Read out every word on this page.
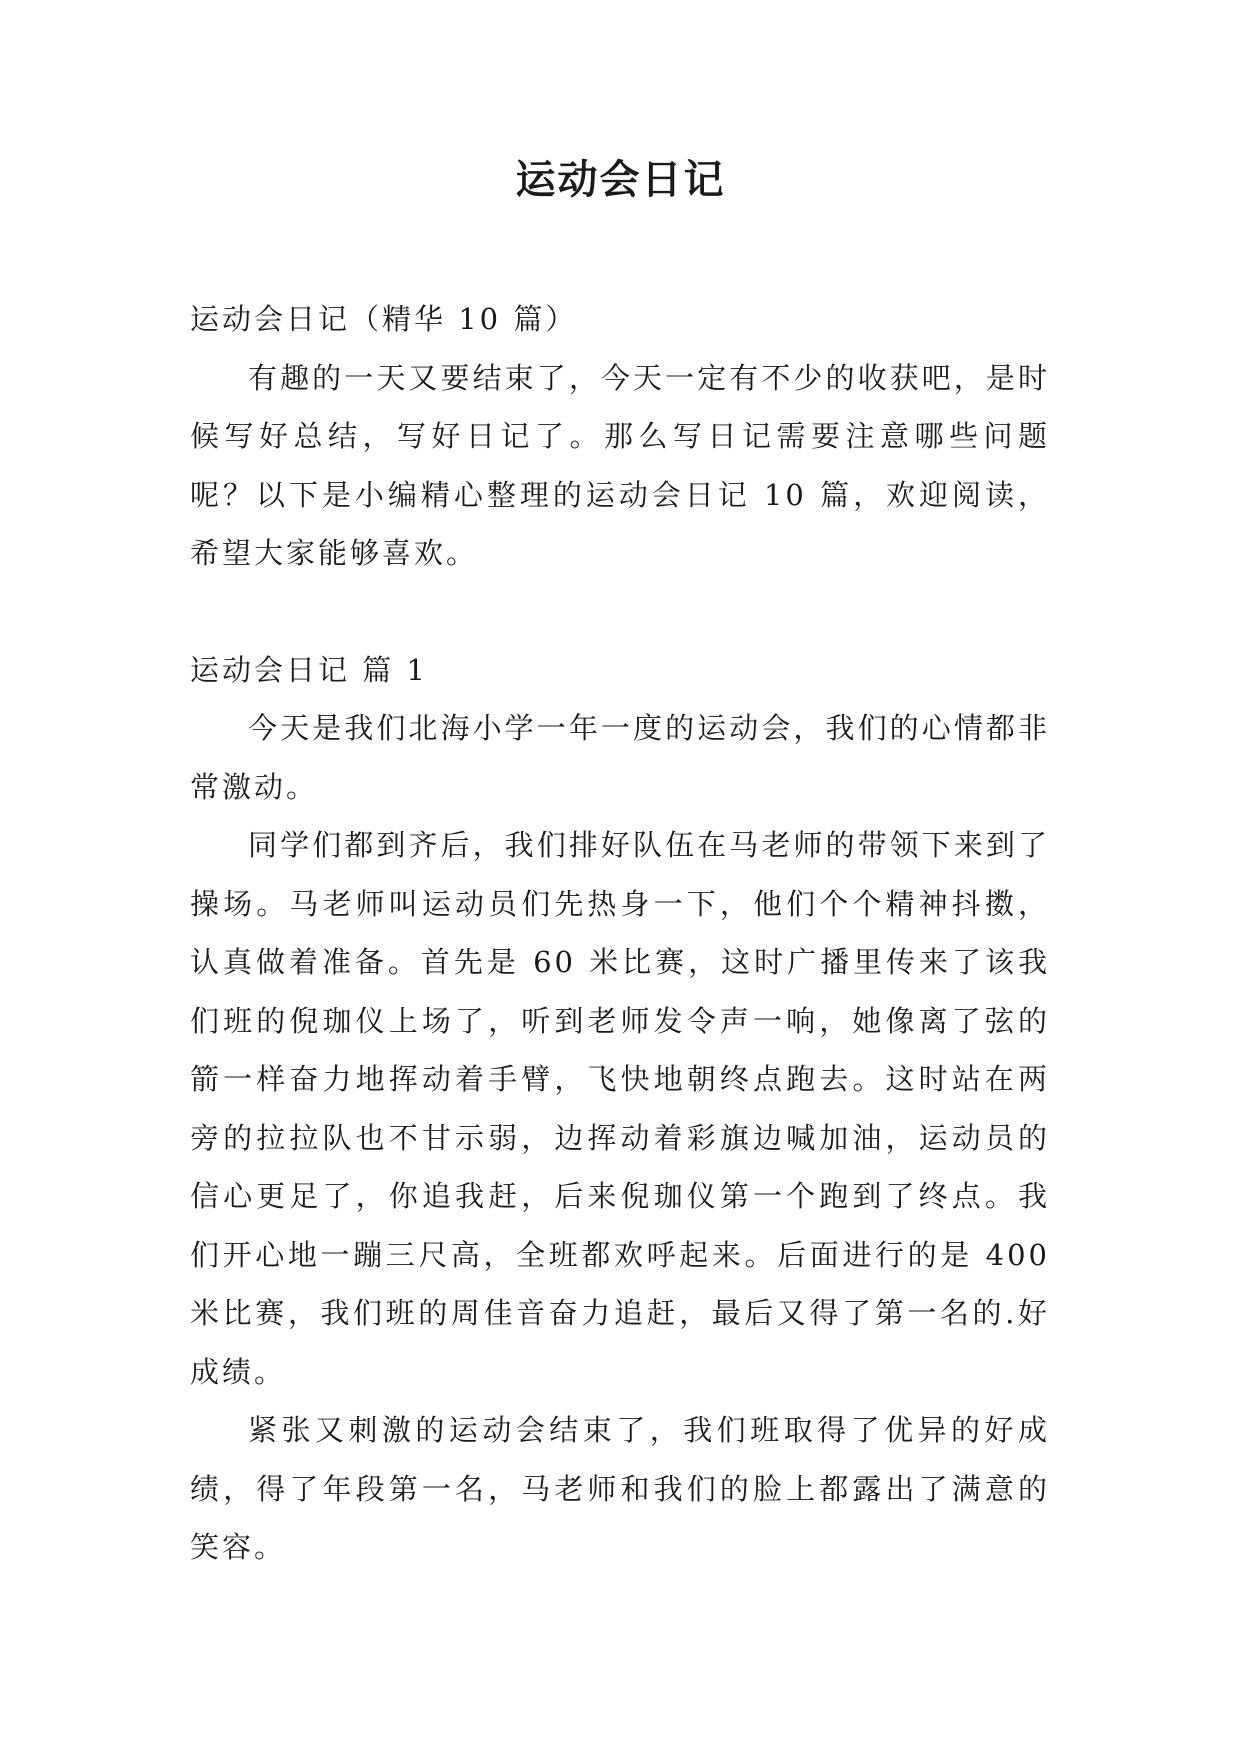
运动会日记

运动会日记（精华 10 篇）

有趣的一天又要结束了，今天一定有不少的收获吧，是时候写好总结，写好日记了。那么写日记需要注意哪些问题呢？以下是小编精心整理的运动会日记 10 篇，欢迎阅读，希望大家能够喜欢。

运动会日记 篇 1

今天是我们北海小学一年一度的运动会，我们的心情都非常激动。

同学们都到齐后，我们排好队伍在马老师的带领下来到了操场。马老师叫运动员们先热身一下，他们个个精神抖擞，认真做着准备。首先是 60 米比赛，这时广播里传来了该我们班的倪珈仪上场了，听到老师发令声一响，她像离了弦的箭一样奋力地挥动着手臂，飞快地朝终点跑去。这时站在两旁的拉拉队也不甘示弱，边挥动着彩旗边喊加油，运动员的信心更足了，你追我赶，后来倪珈仪第一个跑到了终点。我们开心地一蹦三尺高，全班都欢呼起来。后面进行的是 400 米比赛，我们班的周佳音奋力追赶，最后又得了第一名的.好成绩。

紧张又刺激的运动会结束了，我们班取得了优异的好成绩，得了年段第一名，马老师和我们的脸上都露出了满意的笑容。
